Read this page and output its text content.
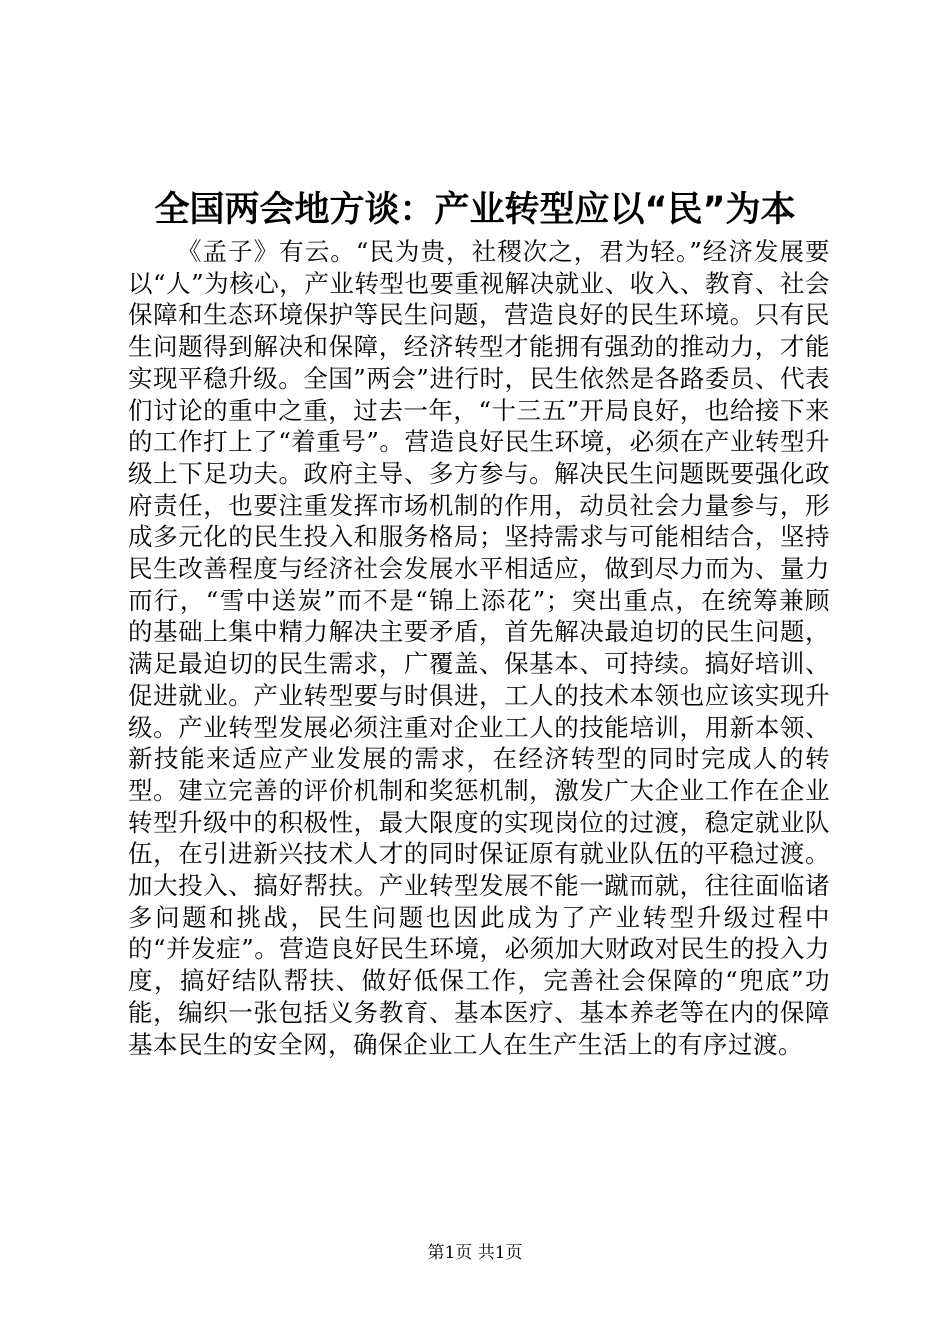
全国两会地方谈：产业转型应以“民”为本

《孟子》有云。“民为贵，社稷次之，君为轻。”经济发展要以“人”为核心，产业转型也要重视解决就业、收入、教育、社会保障和生态环境保护等民生问题，营造良好的民生环境。只有民生问题得到解决和保障，经济转型才能拥有强劲的推动力，才能实现平稳升级。全国”两会”进行时，民生依然是各路委员、代表们讨论的重中之重，过去一年，“十三五”开局良好，也给接下来的工作打上了“着重号”。营造良好民生环境，必须在产业转型升级上下足功夫。政府主导、多方参与。解决民生问题既要强化政府责任，也要注重发挥市场机制的作用，动员社会力量参与，形成多元化的民生投入和服务格局；坚持需求与可能相结合，坚持民生改善程度与经济社会发展水平相适应，做到尽力而为、量力而行，“雪中送炭”而不是“锦上添花”；突出重点，在统筹兼顾的基础上集中精力解决主要矛盾，首先解决最迫切的民生问题，满足最迫切的民生需求，广覆盖、保基本、可持续。搞好培训、促进就业。产业转型要与时俱进，工人的技术本领也应该实现升级。产业转型发展必须注重对企业工人的技能培训，用新本领、新技能来适应产业发展的需求，在经济转型的同时完成人的转型。建立完善的评价机制和奖惩机制，激发广大企业工作在企业转型升级中的积极性，最大限度的实现岗位的过渡，稳定就业队伍，在引进新兴技术人才的同时保证原有就业队伍的平稳过渡。加大投入、搞好帮扶。产业转型发展不能一蹴而就，往往面临诸多问题和挑战，民生问题也因此成为了产业转型升级过程中的“并发症”。营造良好民生环境，必须加大财政对民生的投入力度，搞好结队帮扶、做好低保工作，完善社会保障的“兜底”功能，编织一张包括义务教育、基本医疗、基本养老等在内的保障基本民生的安全网，确保企业工人在生产生活上的有序过渡。

第1页 共1页
